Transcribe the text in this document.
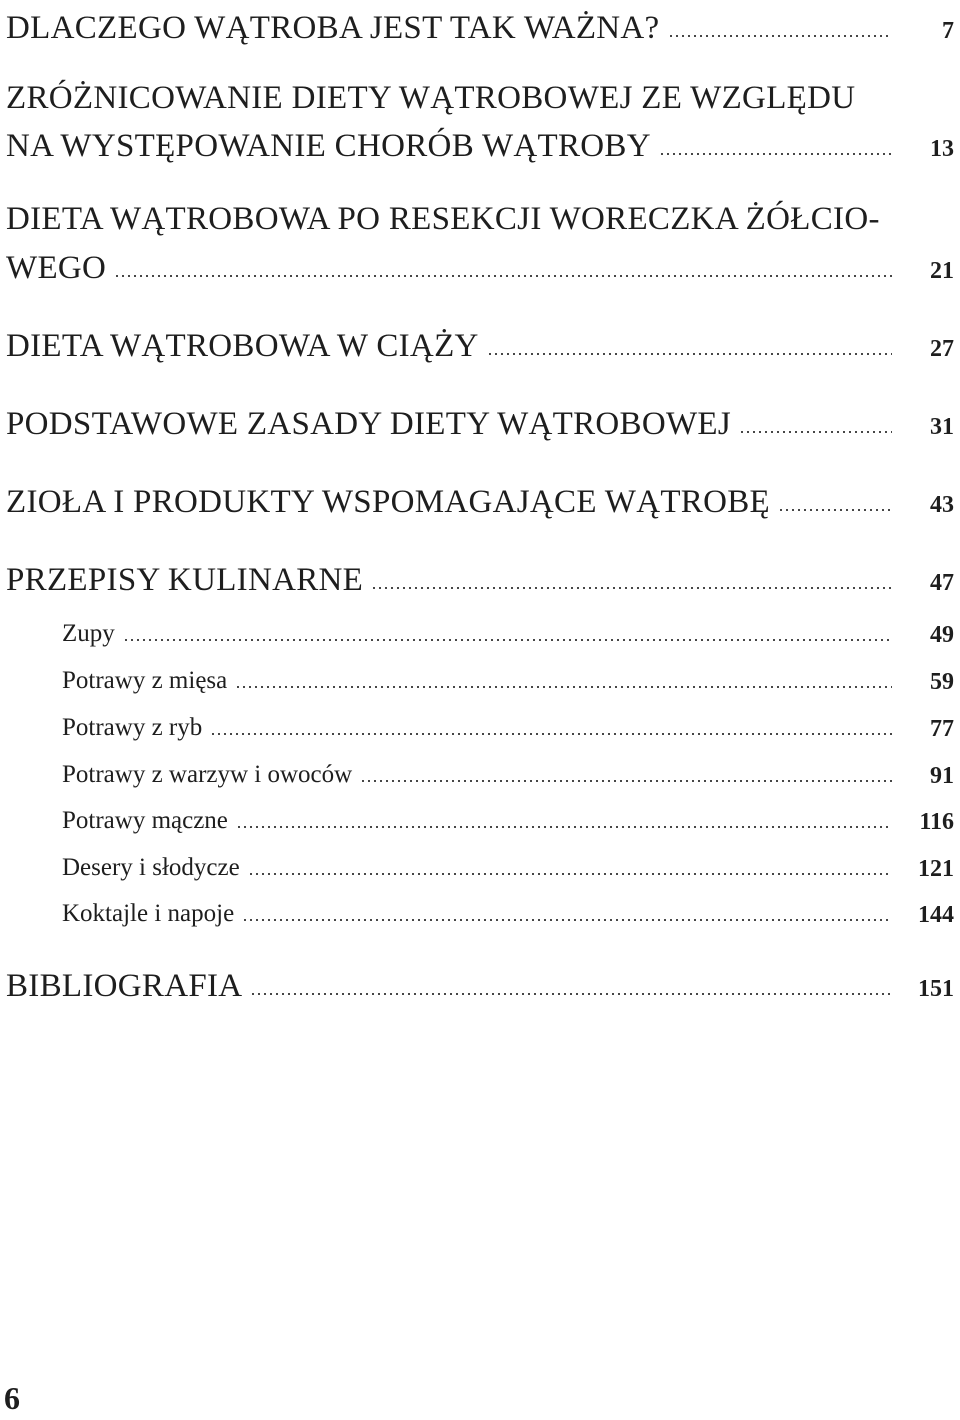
DLACZEGO WĄTROBA JEST TAK WAŻNA?	7
ZRÓŻNICOWANIE DIETY WĄTROBOWEJ ZE WZGLĘDU
NA WYSTĘPOWANIE CHORÓB WĄTROBY	13
DIETA WĄTROBOWA PO RESEKCJI WORECZKA ŻÓŁCIO-
WEGO	21
DIETA WĄTROBOWA W CIĄŻY	27
PODSTAWOWE ZASADY DIETY WĄTROBOWEJ	31
ZIOŁA I PRODUKTY WSPOMAGAJĄCE WĄTROBĘ	43
PRZEPISY KULINARNE	47
Zupy	49
Potrawy z mięsa	59
Potrawy z ryb	77
Potrawy z warzyw i owoców	91
Potrawy mączne	116
Desery i słodycze	121
Koktajle i napoje	144
BIBLIOGRAFIA	151
6
